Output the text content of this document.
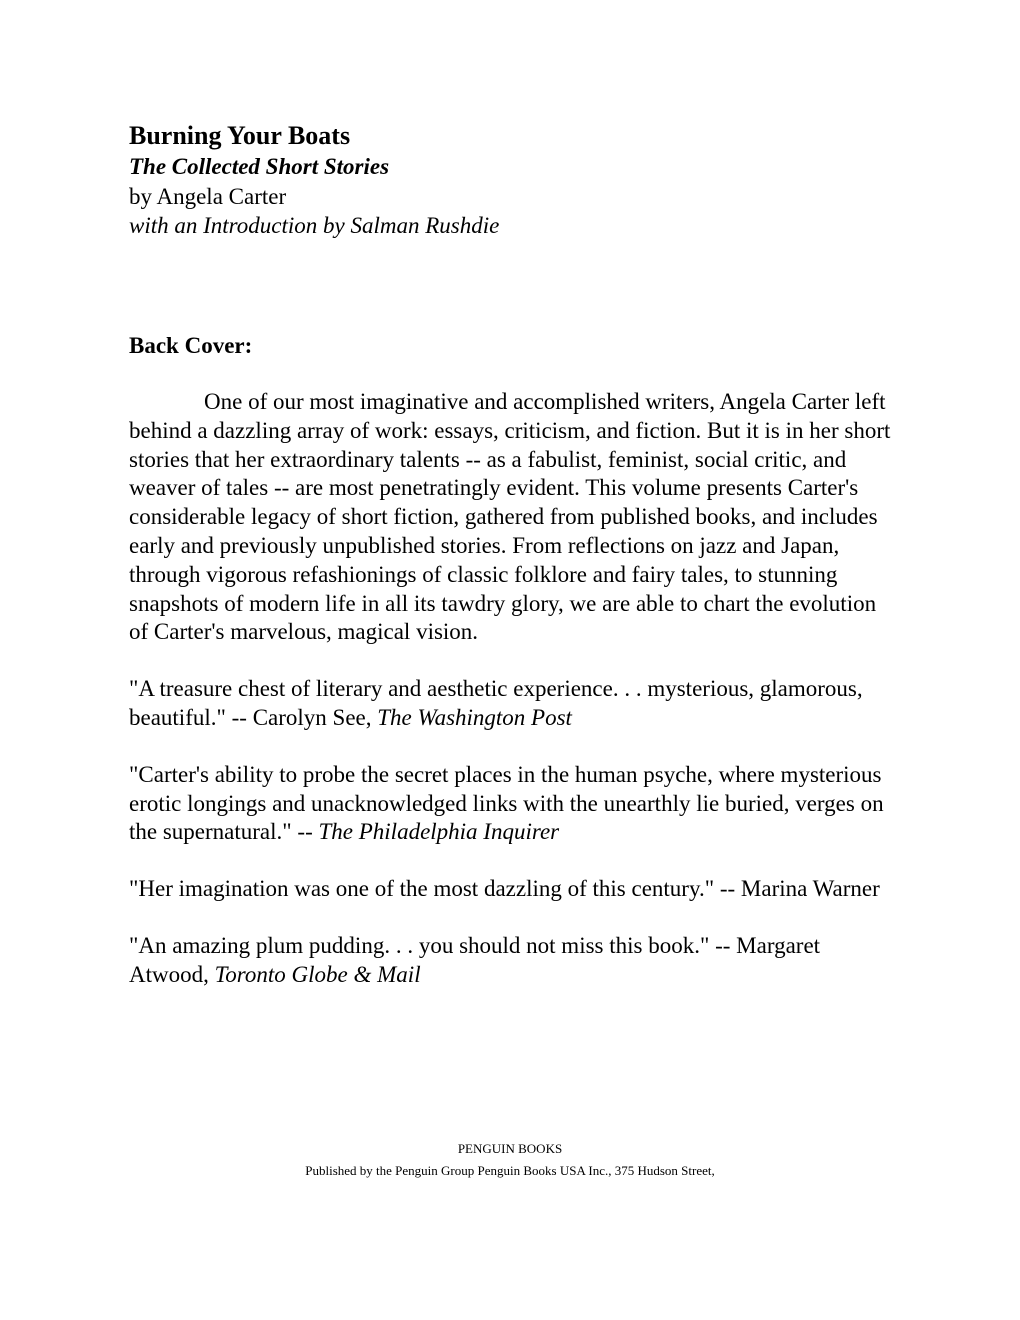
Burning Your Boats

The Collected Short Stories

by Angela Carter

with an Introduction by Salman Rushdie

Back Cover:

One of our most imaginative and accomplished writers, Angela Carter left behind a dazzling array of work: essays, criticism, and fiction. But it is in her short stories that her extraordinary talents -- as a fabulist, feminist, social critic, and weaver of tales -- are most penetratingly evident. This volume presents Carter's considerable legacy of short fiction, gathered from published books, and includes early and previously unpublished stories. From reflections on jazz and Japan, through vigorous refashionings of classic folklore and fairy tales, to stunning snapshots of modern life in all its tawdry glory, we are able to chart the evolution of Carter's marvelous, magical vision.

"A treasure chest of literary and aesthetic experience. . . mysterious, glamorous, beautiful." -- Carolyn See, The Washington Post

"Carter's ability to probe the secret places in the human psyche, where mysterious erotic longings and unacknowledged links with the unearthly lie buried, verges on the supernatural." -- The Philadelphia Inquirer

"Her imagination was one of the most dazzling of this century." -- Marina Warner

"An amazing plum pudding. . . you should not miss this book." -- Margaret Atwood, Toronto Globe & Mail

PENGUIN BOOKS
Published by the Penguin Group Penguin Books USA Inc., 375 Hudson Street,
